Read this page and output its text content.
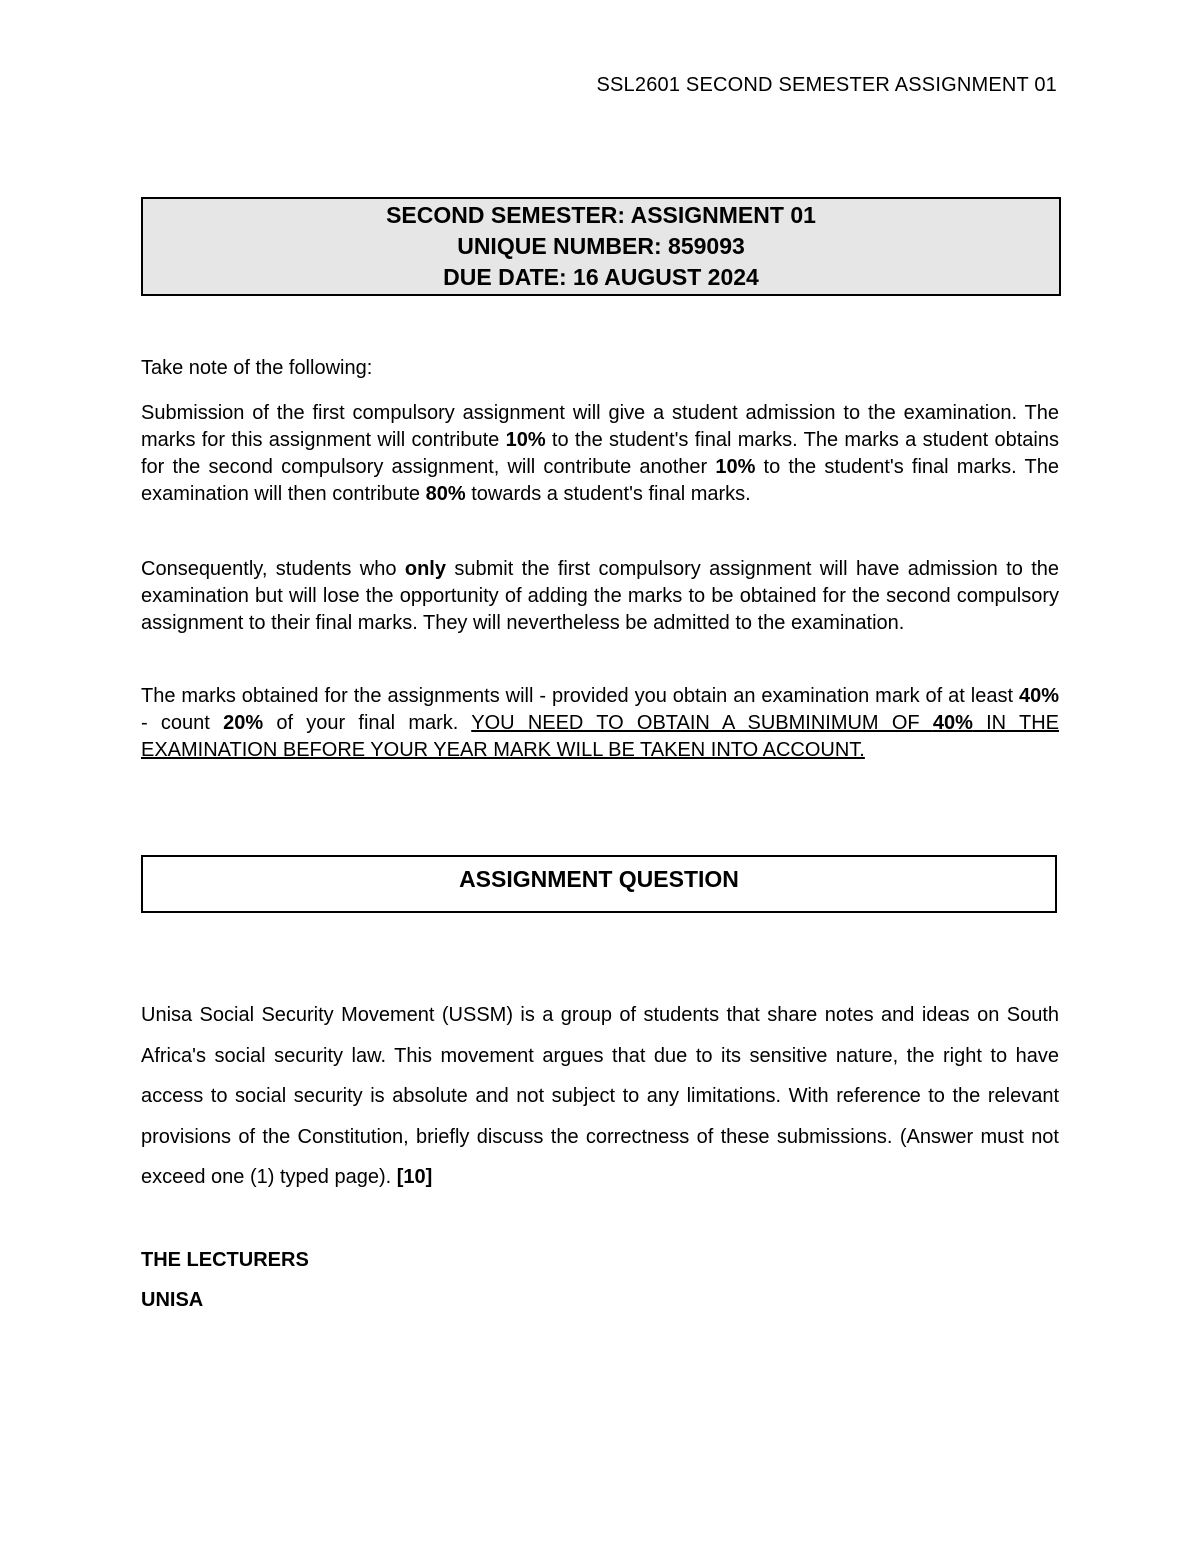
SSL2601 SECOND SEMESTER ASSIGNMENT 01
SECOND SEMESTER: ASSIGNMENT 01
UNIQUE NUMBER: 859093
DUE DATE: 16 AUGUST 2024
Take note of the following:
Submission of the first compulsory assignment will give a student admission to the examination. The marks for this assignment will contribute 10% to the student's final marks. The marks a student obtains for the second compulsory assignment, will contribute another 10% to the student's final marks. The examination will then contribute 80% towards a student's final marks.
Consequently, students who only submit the first compulsory assignment will have admission to the examination but will lose the opportunity of adding the marks to be obtained for the second compulsory assignment to their final marks. They will nevertheless be admitted to the examination.
The marks obtained for the assignments will - provided you obtain an examination mark of at least 40% - count 20% of your final mark. YOU NEED TO OBTAIN A SUBMINIMUM OF 40% IN THE EXAMINATION BEFORE YOUR YEAR MARK WILL BE TAKEN INTO ACCOUNT.
ASSIGNMENT QUESTION
Unisa Social Security Movement (USSM) is a group of students that share notes and ideas on South Africa's social security law. This movement argues that due to its sensitive nature, the right to have access to social security is absolute and not subject to any limitations. With reference to the relevant provisions of the Constitution, briefly discuss the correctness of these submissions. (Answer must not exceed one (1) typed page). [10]
THE LECTURERS
UNISA
